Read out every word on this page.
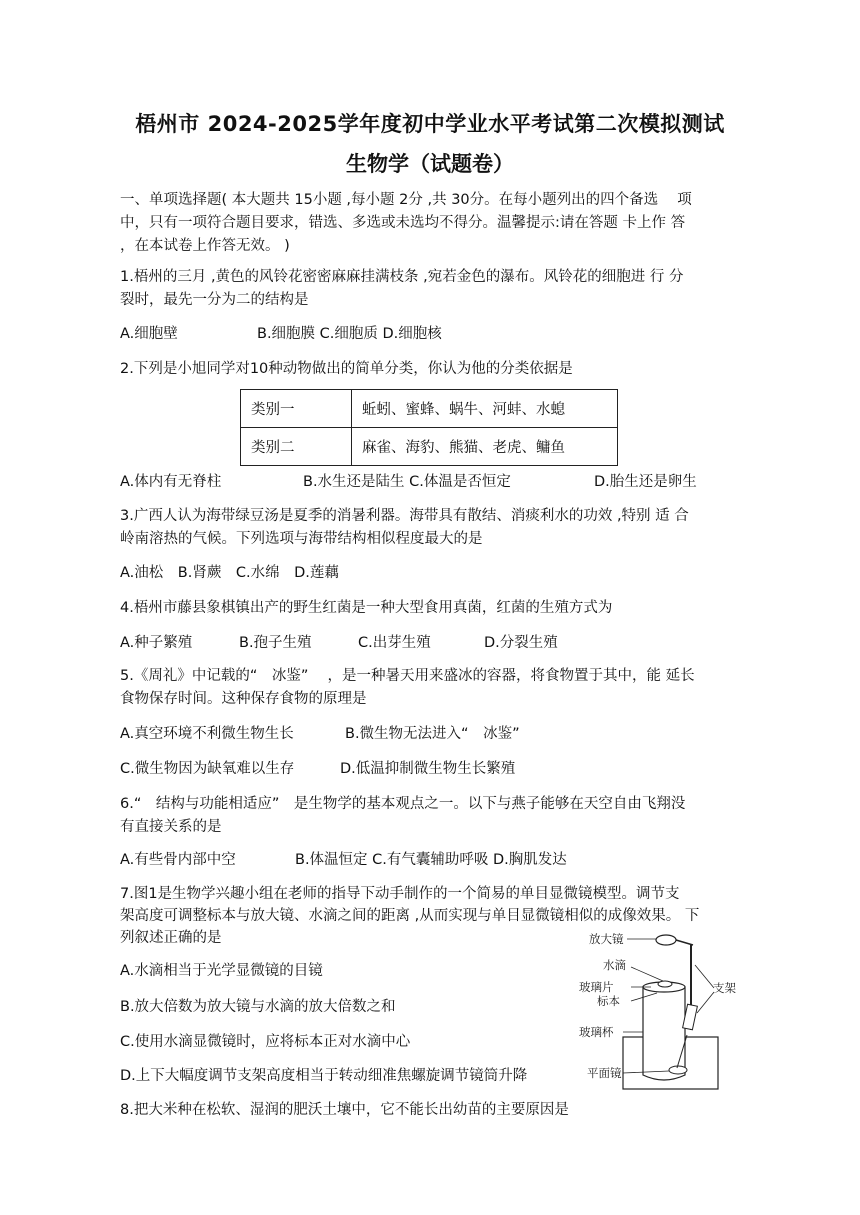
梧州市 2024-2025学年度初中学业水平考试第二次模拟测试
生物学（试题卷）
一、单项选择题( 本大题共 15小题 ,每小题 2分 ,共 30分。在每小题列出的四个备选　 项
中，只有一项符合题目要求，错选、多选或未选均不得分。温馨提示:请在答题 卡上作 答
，在本试卷上作答无效。 )
1.梧州的三月 ,黄色的风铃花密密麻麻挂满枝条 ,宛若金色的瀑布。风铃花的细胞进 行 分
裂时，最先一分为二的结构是
A.细胞壁	B.细胞膜 C.细胞质 D.细胞核
2.下列是小旭同学对10种动物做出的简单分类，你认为他的分类依据是
类别一	蚯蚓、蜜蜂、蜗牛、河蚌、水螅
类别二	麻雀、海豹、熊猫、老虎、鳙鱼
A.体内有无脊柱	B.水生还是陆生 C.体温是否恒定	D.胎生还是卵生
3.广西人认为海带绿豆汤是夏季的消暑利器。海带具有散结、消痰利水的功效 ,特别 适 合
岭南溶热的气候。下列选项与海带结构相似程度最大的是
A.油松　B.肾蕨　C.水绵　D.莲藕
4.梧州市藤县象棋镇出产的野生红菌是一种大型食用真菌，红菌的生殖方式为
A.种子繁殖	B.孢子生殖	C.出芽生殖	D.分裂生殖
5.《周礼》中记载的“　冰鉴”　 ，是一种暑天用来盛冰的容器，将食物置于其中，能 延长
食物保存时间。这种保存食物的原理是
A.真空环境不利微生物生长	B.微生物无法进入“　冰鉴”
C.微生物因为缺氧难以生存	D.低温抑制微生物生长繁殖
6.“　结构与功能相适应”　是生物学的基本观点之一。以下与燕子能够在天空自由飞翔没
有直接关系的是
A.有些骨内部中空	B.体温恒定 C.有气囊辅助呼吸 D.胸肌发达
7.图1是生物学兴趣小组在老师的指导下动手制作的一个简易的单目显微镜模型。调节支
架高度可调整标本与放大镜、水滴之间的距离 ,从而实现与单目显微镜相似的成像效果。 下
列叙述正确的是
A.水滴相当于光学显微镜的目镜
B.放大倍数为放大镜与水滴的放大倍数之和
C.使用水滴显微镜时，应将标本正对水滴中心
D.上下大幅度调节支架高度相当于转动细准焦螺旋调节镜筒升降
放大镜
水滴
玻璃片
标本
支架
玻璃杯
平面镜
8.把大米种在松软、湿润的肥沃土壤中，它不能长出幼苗的主要原因是
